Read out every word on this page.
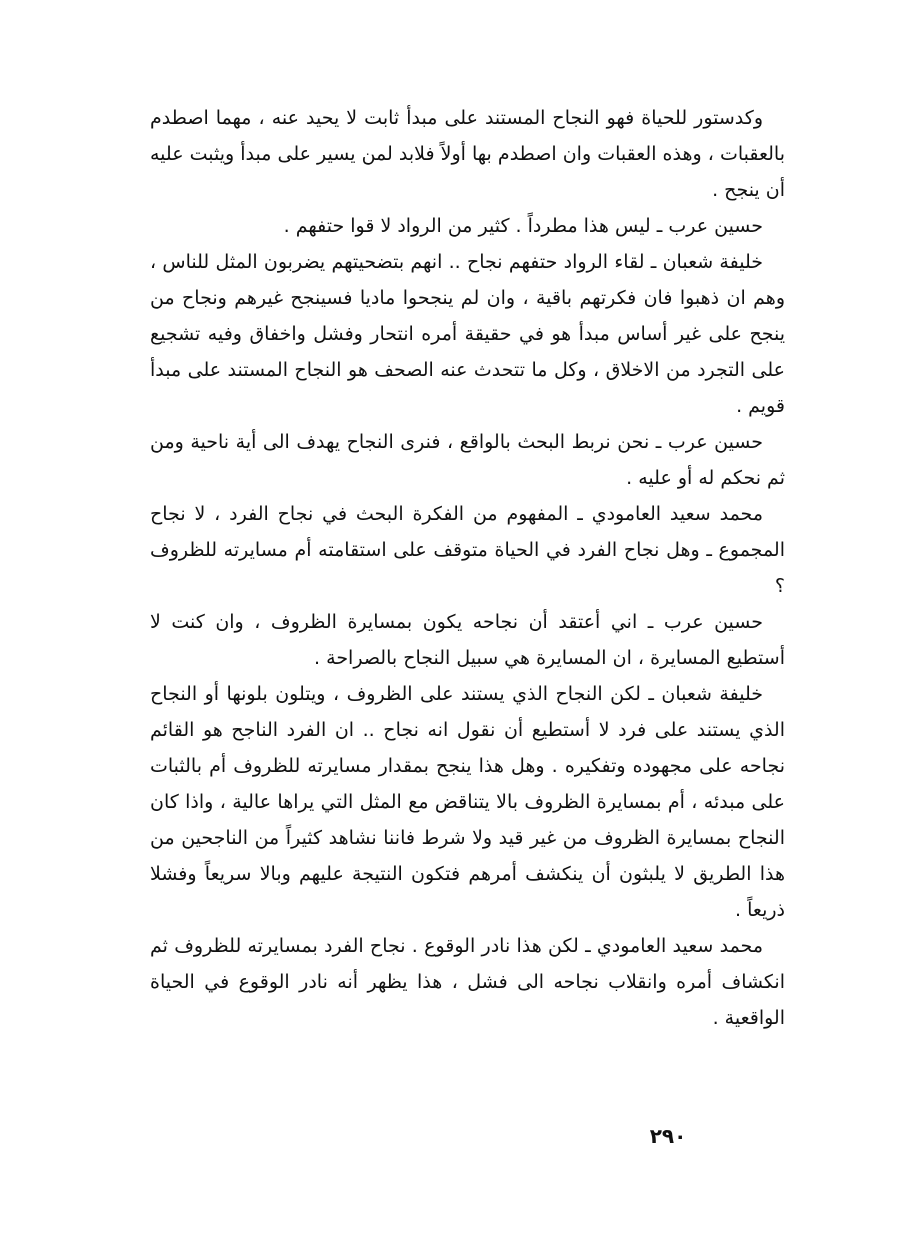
وكدستور للحياة فهو النجاح المستند على مبدأ ثابت لا يحيد عنه ، مهما اصطدم بالعقبات ، وهذه العقبات وان اصطدم بها أولاً فلابد لمن يسير على مبدأ ويثبت عليه أن ينجح .

حسين عرب ـ ليس هذا مطرداً . كثير من الرواد لا قوا حتفهم .

خليفة شعبان ـ لقاء الرواد حتفهم نجاح .. انهم بتضحيتهم يضربون المثل للناس ، وهم ان ذهبوا فان فكرتهم باقية ، وان لم ينجحوا ماديا فسينجح غيرهم ونجاح من ينجح على غير أساس مبدأ هو في حقيقة أمره انتحار وفشل واخفاق وفيه تشجيع على التجرد من الاخلاق ، وكل ما تتحدث عنه الصحف هو النجاح المستند على مبدأ قويم .

حسين عرب ـ نحن نربط البحث بالواقع ، فنرى النجاح يهدف الى أية ناحية ومن ثم نحكم له أو عليه .

محمد سعيد العامودي ـ المفهوم من الفكرة البحث في نجاح الفرد ، لا نجاح المجموع ـ وهل نجاح الفرد في الحياة متوقف على استقامته أم مسايرته للظروف ؟

حسين عرب ـ اني أعتقد أن نجاحه يكون بمسايرة الظروف ، وان كنت لا أستطيع المسايرة ، ان المسايرة هي سبيل النجاح بالصراحة .

خليفة شعبان ـ لكن النجاح الذي يستند على الظروف ، ويتلون بلونها أو النجاح الذي يستند على فرد لا أستطيع أن نقول انه نجاح .. ان الفرد الناجح هو القائم نجاحه على مجهوده وتفكيره . وهل هذا ينجح بمقدار مسايرته للظروف أم بالثبات على مبدئه ، أم بمسايرة الظروف بالا يتناقض مع المثل التي يراها عالية ، واذا كان النجاح بمسايرة الظروف من غير قيد ولا شرط فاننا نشاهد كثيراً من الناجحين من هذا الطريق لا يلبثون أن ينكشف أمرهم فتكون النتيجة عليهم وبالا سريعاً وفشلا ذريعاً .

محمد سعيد العامودي ـ لكن هذا نادر الوقوع . نجاح الفرد بمسايرته للظروف ثم انكشاف أمره وانقلاب نجاحه الى فشل ، هذا يظهر أنه نادر الوقوع في الحياة الواقعية .

٢٩٠
